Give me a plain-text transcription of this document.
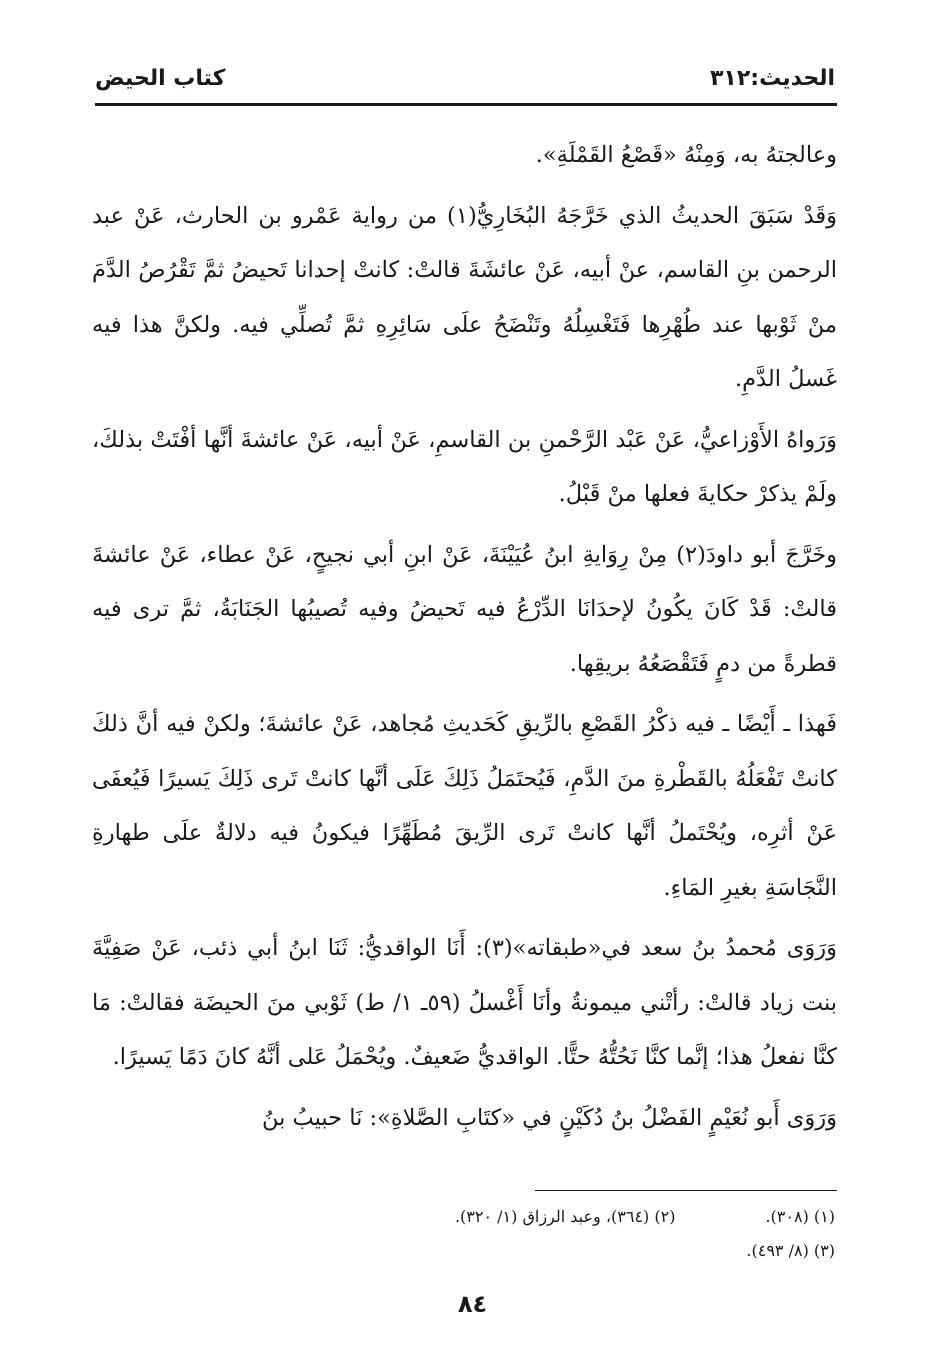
كتاب الحيض	الحديث:٣١٢

وعالجتهُ به، وَمِنْهُ «قَصْعُ القَمْلَةِ».

وَقَدْ سَبَقَ الحديثُ الذي خَرَّجَهُ البُخَارِيُّ(١) من رواية عَمْرو بن الحارث، عَنْ عبد الرحمن بنِ القاسم، عنْ أبيه، عَنْ عائشَةَ قالتْ: كانتْ إحدانا تَحيضُ ثمَّ تَقْرُصُ الدَّمَ منْ ثَوْبها عند طُهْرِها فَتَغْسِلُهُ وتَنْضَحُ علَى سَائِرِهِ ثمَّ تُصلِّي فيه. ولكنَّ هذا فيه غَسلُ الدَّمِ.

وَرَواهُ الأَوْزاعيُّ، عَنْ عَبْد الرَّحْمنِ بن القاسمِ، عَنْ أبيه، عَنْ عائشةَ أنَّها أفْتَتْ بذلكَ، ولَمْ يذكرْ حكايةَ فعلها منْ قَبْلُ.

وخَرَّجَ أبو داودَ(٢) مِنْ رِوَايةِ ابنُ عُيَيْنَةَ، عَنْ ابنِ أبي نجيحٍ، عَنْ عطاء، عَنْ عائشةَ قالتْ: قَدْ كَانَ يكُونُ لإحدَانَا الدِّرْعُ فيه تَحيضُ وفيه تُصيبُها الجَنَابَةُ، ثمَّ ترى فيه قطرةً من دمٍ فَتَقْصَعُهُ بريقِها.

فَهذا ـ أَيْضًا ـ فيه ذكْرُ القَصْعِ بالرِّيقِ كَحَديثِ مُجاهد، عَنْ عائشةَ؛ ولكنْ فيه أنَّ ذلكَ كانتْ تَفْعَلُهُ بالقَطْرةِ منَ الدَّمِ، فَيُحتَمَلُ ذَلِكَ عَلَى أنَّها كانتْ تَرى ذَلِكَ يَسيرًا فَيُعفَى عَنْ أثرِه، ويُحْتَملُ أنَّها كانتْ تَرى الرِّيقَ مُطَهِّرًا فيكونُ فيه دلالةٌ علَى طهارةِ النَّجَاسَةِ بغيرِ المَاءِ.

وَرَوَى مُحمدُ بنُ سعد في«طبقاته»(٣): أَنَا الواقديُّ: ثَنَا ابنُ أبي ذئب، عَنْ صَفِيَّةَ بنت زياد قالتْ: رأتْني ميمونةُ وأنَا أَغْسلُ (٥٩ـ ١/ ط) ثَوْبي منَ الحيضَة فقالتْ: مَا كنَّا نفعلُ هذا؛ إنَّما كنَّا نَحُتُّهُ حتًّا. الواقديُّ ضَعيفٌ. ويُحْمَلُ عَلى أنَّهُ كانَ دَمًا يَسيرًا.

وَرَوَى أَبو نُعَيْمٍ الفَضْلُ بنُ دُكَيْنٍ في «كتَابِ الصَّلاةِ»: نَا حبيبُ بنُ

(١) (٣٠٨).
(٢) (٣٦٤)، وعبد الرزاق (١/ ٣٢٠).
(٣) (٨/ ٤٩٣).
٨٤
